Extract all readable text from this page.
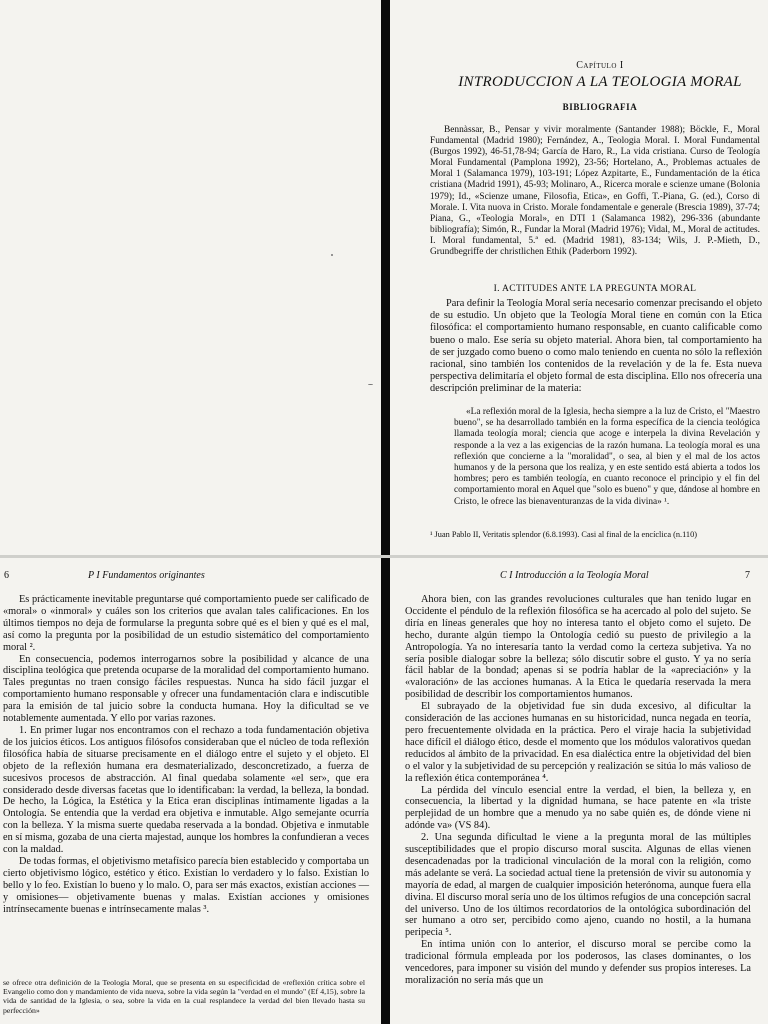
Capítulo I
INTRODUCCION A LA TEOLOGIA MORAL
BIBLIOGRAFIA
Bennàssar, B., Pensar y vivir moralmente (Santander 1988); Böckle, F., Moral Fundamental (Madrid 1980); Fernández, A., Teologia Moral. I. Moral Fundamental (Burgos 1992), 46-51,78-94; García de Haro, R., La vida cristiana. Curso de Teología Moral Fundamental (Pamplona 1992), 23-56; Hortelano, A., Problemas actuales de Moral 1 (Salamanca 1979), 103-191; López Azpitarte, E., Fundamentación de la ética cristiana (Madrid 1991), 45-93; Molinaro, A., Ricerca morale e scienze umane (Bolonia 1979); Id., «Scienze umane, Filosofia, Etica», en Goffi, T.-Piana, G. (ed.), Corso di Morale. I. Vita nuova in Cristo. Morale fondamentale e generale (Brescia 1989), 37-74; Piana, G., «Teologia Moral», en DTI 1 (Salamanca 1982), 296-336 (abundante bibliografía); Simón, R., Fundar la Moral (Madrid 1976); Vidal, M., Moral de actitudes. I. Moral fundamental, 5.ª ed. (Madrid 1981), 83-134; Wils, J. P.-Mieth, D., Grundbegriffe der christlichen Ethik (Paderborn 1992).
I. ACTITUDES ANTE LA PREGUNTA MORAL

Para definir la Teología Moral sería necesario comenzar precisando el objeto de su estudio. Un objeto que la Teología Moral tiene en común con la Etica filosófica: el comportamiento humano responsable, en cuanto calificable como bueno o malo. Ese sería su objeto material. Ahora bien, tal comportamiento ha de ser juzgado como bueno o como malo teniendo en cuenta no sólo la reflexión racional, sino también los contenidos de la revelación y de la fe. Esta nueva perspectiva delimitaría el objeto formal de esta disciplina. Ello nos ofrecería una descripción preliminar de la materia:

«La reflexión moral de la Iglesia, hecha siempre a la luz de Cristo, el "Maestro bueno", se ha desarrollado también en la forma específica de la ciencia teológica llamada teología moral; ciencia que acoge e interpela la divina Revelación y responde a la vez a las exigencias de la razón humana. La teología moral es una reflexión que concierne a la "moralidad", o sea, al bien y el mal de los actos humanos y de la persona que los realiza, y en este sentido está abierta a todos los hombres; pero es también teología, en cuanto reconoce el principio y el fin del comportamiento moral en Aquel que "solo es bueno" y que, dándose al hombre en Cristo, le ofrece las bienaventuranzas de la vida divina» ¹.
¹ Juan Pablo II, Veritatis splendor (6.8.1993). Casi al final de la encíclica (n.110)
6	P I Fundamentos originantes

Es prácticamente inevitable preguntarse qué comportamiento puede ser calificado de «moral» o «inmoral» y cuáles son los criterios que avalan tales calificaciones. En los últimos tiempos no deja de formularse la pregunta sobre qué es el bien y qué es el mal, así como la pregunta por la posibilidad de un estudio sistemático del comportamiento moral ².

En consecuencia, podemos interrogarnos sobre la posibilidad y alcance de una disciplina teológica que pretenda ocuparse de la moralidad del comportamiento humano. Tales preguntas no traen consigo fáciles respuestas. Nunca ha sido fácil juzgar el comportamiento humano responsable y ofrecer una fundamentación clara e indiscutible para la emisión de tal juicio sobre la conducta humana. Hoy la dificultad se ve notablemente aumentada. Y ello por varias razones.

1. En primer lugar nos encontramos con el rechazo a toda fundamentación objetiva de los juicios éticos. Los antiguos filósofos consideraban que el núcleo de toda reflexión filosófica había de situarse precisamente en el diálogo entre el sujeto y el objeto. El objeto de la reflexión humana era desmaterializado, desconcretizado, a fuerza de sucesivos procesos de abstracción. Al final quedaba solamente «el ser», que era considerado desde diversas facetas que lo identificaban: la verdad, la belleza, la bondad. De hecho, la Lógica, la Estética y la Etica eran disciplinas íntimamente ligadas a la Ontología. Se entendía que la verdad era objetiva e inmutable. Algo semejante ocurría con la belleza. Y la misma suerte quedaba reservada a la bondad. Objetiva e inmutable en sí misma, gozaba de una cierta majestad, aunque los hombres la confundieran a veces con la maldad.

De todas formas, el objetivismo metafísico parecía bien establecido y comportaba un cierto objetivismo lógico, estético y ético. Existían lo verdadero y lo falso. Existían lo bello y lo feo. Existían lo bueno y lo malo. O, para ser más exactos, existían acciones —y omisiones— objetivamente buenas y malas. Existían acciones y omisiones intrínsecamente buenas e intrínsecamente malas ³.

se ofrece otra definición de la Teología Moral, que se presenta en su especificidad de «reflexión crítica sobre el Evangelio como don y mandamiento de vida nueva, sobre la vida según la "verdad en el mundo" (Ef 4,15), sobre la vida de santidad de la Iglesia, o sea, sobre la vida en la cual resplandece la verdad del bien llevado hasta su perfección»
C I Introducción a la Teología Moral	7

Ahora bien, con las grandes revoluciones culturales que han tenido lugar en Occidente el péndulo de la reflexión filosófica se ha acercado al polo del sujeto. Se diría en líneas generales que hoy no interesa tanto el objeto como el sujeto. De hecho, durante algún tiempo la Ontología cedió su puesto de privilegio a la Antropología. Ya no interesaría tanto la verdad como la certeza subjetiva. Ya no sería posible dialogar sobre la belleza; sólo discutir sobre el gusto. Y ya no sería fácil hablar de la bondad; apenas si se podría hablar de la «apreciación» y la «valoración» de las acciones humanas. A la Etica le quedaría reservada la mera posibilidad de describir los comportamientos humanos.

El subrayado de la objetividad fue sin duda excesivo, al dificultar la consideración de las acciones humanas en su historicidad, nunca negada en teoría, pero frecuentemente olvidada en la práctica. Pero el viraje hacia la subjetividad hace difícil el diálogo ético, desde el momento que los módulos valorativos quedan reducidos al ámbito de la privacidad. En esa dialéctica entre la objetividad del bien o el valor y la subjetividad de su percepción y realización se sitúa lo más valioso de la reflexión ética contemporánea ⁴.

La pérdida del vínculo esencial entre la verdad, el bien, la belleza y, en consecuencia, la libertad y la dignidad humana, se hace patente en «la triste perplejidad de un hombre que a menudo ya no sabe quién es, de dónde viene ni adónde va» (VS 84).

2. Una segunda dificultad le viene a la pregunta moral de las múltiples susceptibilidades que el propio discurso moral suscita. Algunas de ellas vienen desencadenadas por la tradicional vinculación de la moral con la religión, como más adelante se verá. La sociedad actual tiene la pretensión de vivir su autonomía y mayoría de edad, al margen de cualquier imposición heterónoma, aunque fuera ella divina. El discurso moral sería uno de los últimos refugios de una concepción sacral del universo. Uno de los últimos recordatorios de la ontológica subordinación del ser humano a otro ser, percibido como ajeno, cuando no hostil, a la humana peripecia ⁵.

En íntima unión con lo anterior, el discurso moral se percibe como la tradicional fórmula empleada por los poderosos, las clases dominantes, o los vencedores, para imponer su visión del mundo y defender sus propios intereses. La moralización no sería más que un
